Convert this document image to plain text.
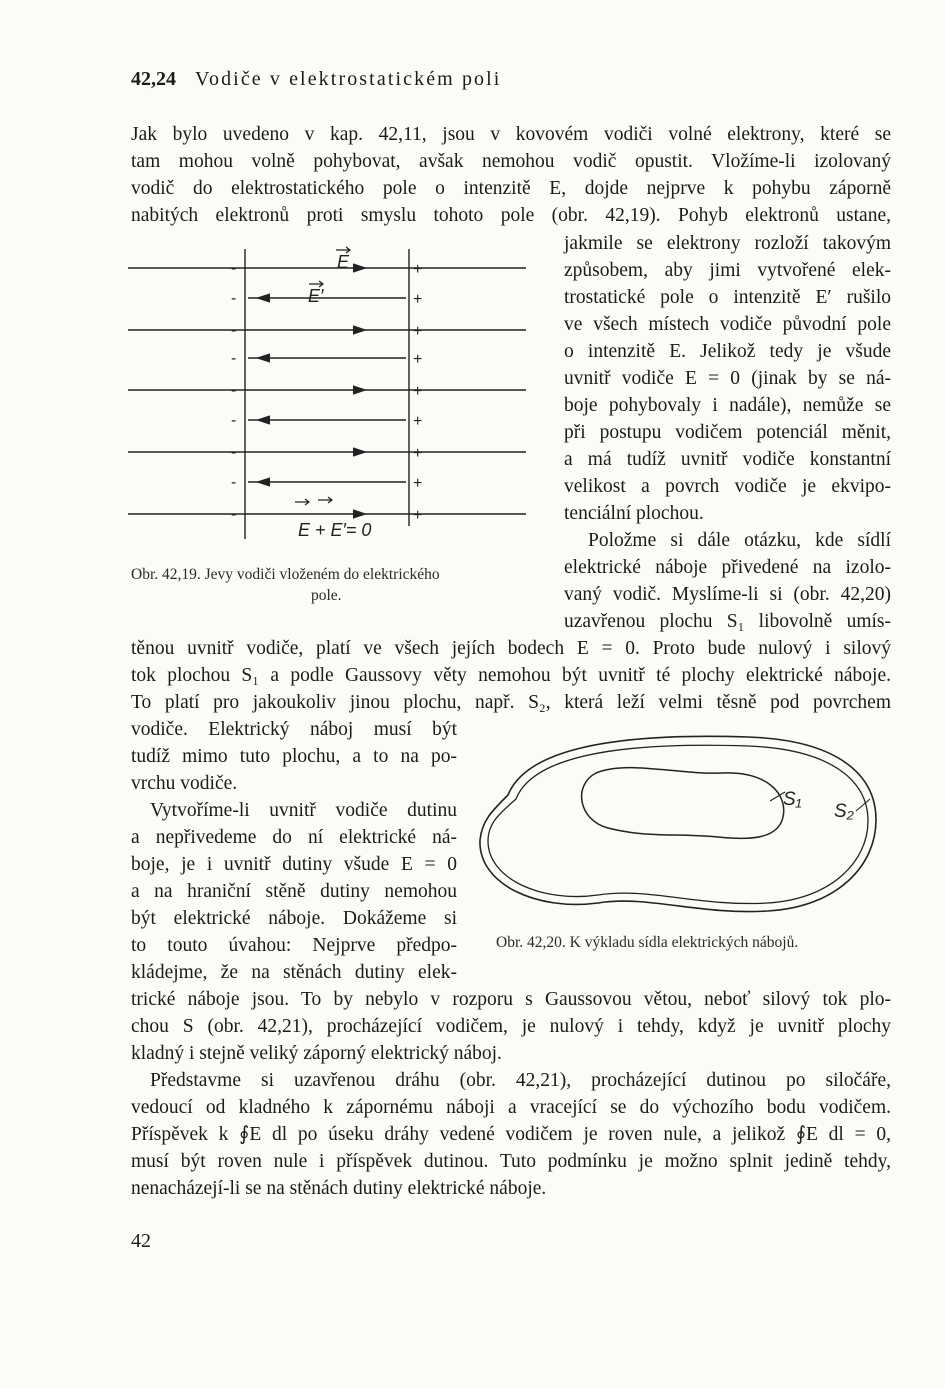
42,24 Vodiče v elektrostatickém poli
Jak bylo uvedeno v kap. 42,11, jsou v kovovém vodiči volné elektrony, které se
tam mohou volně pohybovat, avšak nemohou vodič opustit. Vložíme-li izolovaný
vodič do elektrostatického pole o intenzitě E, dojde nejprve k pohybu záporně
nabitých elektronů proti smyslu tohoto pole (obr. 42,19). Pohyb elektronů ustane,
jakmile se elektrony rozloží takovým
způsobem, aby jimi vytvořené elek-
trostatické pole o intenzitě E′ rušilo
ve všech místech vodiče původní pole
o intenzitě E. Jelikož tedy je všude
uvnitř vodiče E = 0 (jinak by se ná-
boje pohybovaly i nadále), nemůže se
při postupu vodičem potenciál měnit,
a má tudíž uvnitř vodiče konstantní
velikost a povrch vodiče je ekvipo-
tenciální plochou.
Položme si dále otázku, kde sídlí
elektrické náboje přivedené na izolo-
vaný vodič. Myslíme-li si (obr. 42,20)
uzavřenou plochu S₁ libovolně umís-
těnou uvnitř vodiče, platí ve všech jejích bodech E = 0. Proto bude nulový i silový
tok plochou S₁ a podle Gaussovy věty nemohou být uvnitř té plochy elektrické náboje.
To platí pro jakoukoliv jinou plochu, např. S₂, která leží velmi těsně pod povrchem
vodiče. Elektrický náboj musí být
tudíž mimo tuto plochu, a to na po-
vrchu vodiče.
Vytvoříme-li uvnitř vodiče dutinu
a nepřivedeme do ní elektrické ná-
boje, je i uvnitř dutiny všude E = 0
a na hraniční stěně dutiny nemohou
být elektrické náboje. Dokážeme si
to touto úvahou: Nejprve předpo-
kládejme, že na stěnách dutiny elek-
trické náboje jsou. To by nebylo v rozporu s Gaussovou větou, neboť silový tok plo-
chou S (obr. 42,21), procházející vodičem, je nulový i tehdy, když je uvnitř plochy
kladný i stejně veliký záporný elektrický náboj.
Představme si uzavřenou dráhu (obr. 42,21), procházející dutinou po siločáře,
vedoucí od kladného k zápornému náboji a vracející se do výchozího bodu vodičem.
Příspěvek k ∮E dl po úseku dráhy vedené vodičem je roven nule, a jelikož ∮E dl = 0,
musí být roven nule i příspěvek dutinou. Tuto podmínku je možno splnit jedině tehdy,
nenacházejí-li se na stěnách dutiny elektrické náboje.
E
E′
E + E′= 0
-	+
-	+
-	+
-	+
-	+
-	+
-	+
-	+
-	+
Obr. 42,19. Jevy vodiči vloženém do elektrického
pole.
S₁
S₂
Obr. 42,20. K výkladu sídla elektrických nábojů.
42
